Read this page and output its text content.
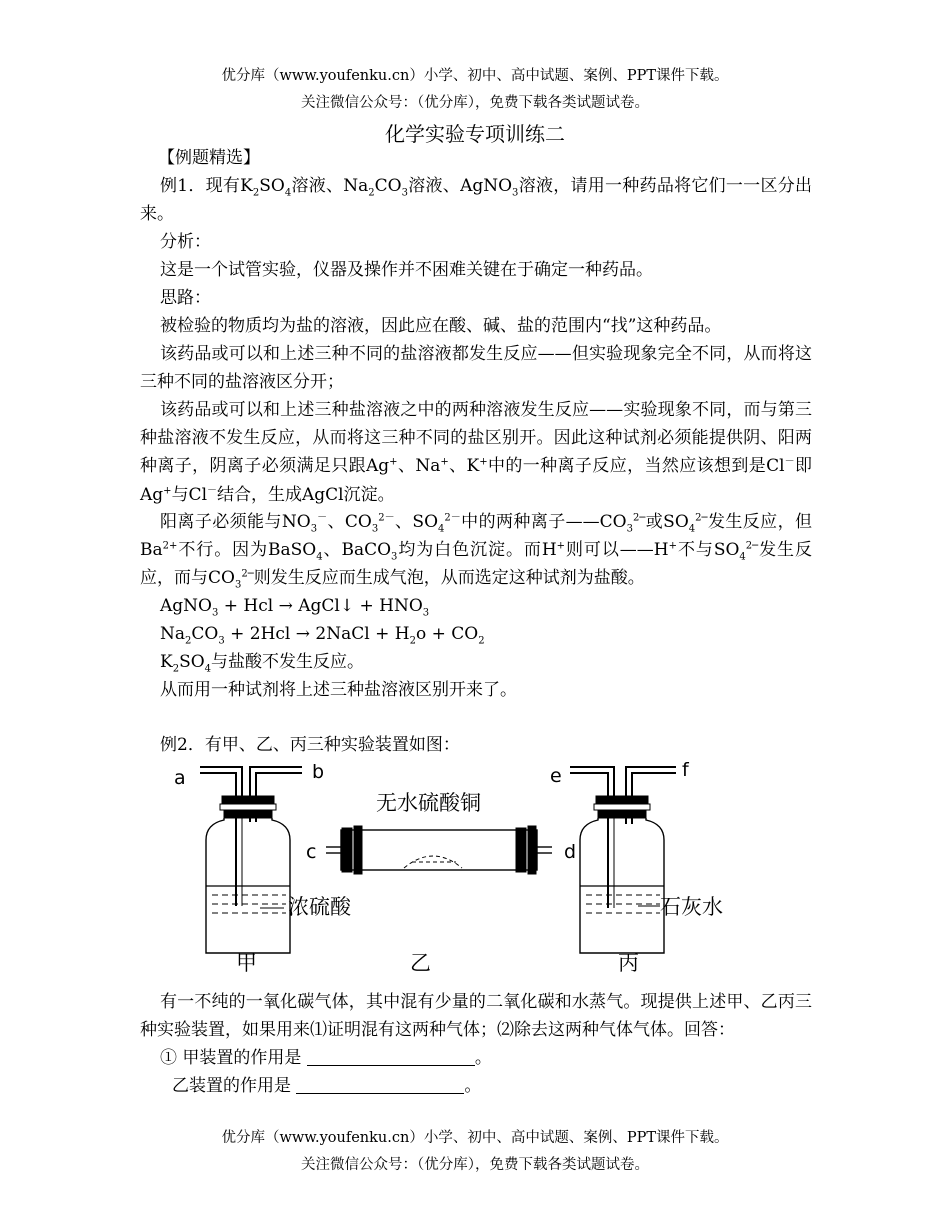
优分库（www.youfenku.cn）小学、初中、高中试题、案例、PPT课件下载。
关注微信公众号：（优分库），免费下载各类试题试卷。
化学实验专项训练二
【例题精选】

例1．现有$K_2SO_4$溶液、$Na_2CO_3$溶液、AgNO$_3$溶液，请用一种药品将它们一一区分出来。

分析：

这是一个试管实验，仪器及操作并不困难关键在于确定一种药品。

思路：

被检验的物质均为盐的溶液，因此应在酸、碱、盐的范围内“找”这种药品。

该药品或可以和上述三种不同的盐溶液都发生反应——但实验现象完全不同，从而将这三种不同的盐溶液区分开；

该药品或可以和上述三种盐溶液之中的两种溶液发生反应——实验现象不同，而与第三种盐溶液不发生反应，从而将这三种不同的盐区别开。因此这种试剂必须能提供阴、阳两种离子，阴离子必须满足只跟Ag+、Na+、K+中的一种离子反应，当然应该想到是Cl－即Ag+与Cl－结合，生成AgCl沉淀。

阳离子必须能与$NO_3^-$、$CO_3^{2-}$、$SO_4^{2-}$中的两种离子$——CO_3^{2─}$或$SO_4^{2─}$发生反应，但$Ba^{2+}$不行。因为BaSO$_4$、BaCO$_3$均为白色沉淀。而H+则可以——H+不与$SO_4^{2─}$发生反应，而与$CO_3^{2─}$则发生反应而生成气泡，从而选定这种试剂为盐酸。

AgNO$_3$ + Hcl → AgCl↓ + $HNO_3$

$Na_2CO_3 + 2Hcl$ → 2NaCl + $H_2o + CO_2$

$K_2SO_4$与盐酸不发生反应。

从而用一种试剂将上述三种盐溶液区别开来了。

例2．有甲、乙、丙三种实验装置如图：

a	b
c	d
e	f
无水硫酸铜
浓硫酸	石灰水
甲	乙	丙

有一不纯的一氧化碳气体，其中混有少量的二氧化碳和水蒸气。现提供上述甲、乙丙三种实验装置，如果用来⑴证明混有这两种气体；⑵除去这两种气体气体。回答：

① 甲装置的作用是	。
乙装置的作用是	。
优分库（www.youfenku.cn）小学、初中、高中试题、案例、PPT课件下载。
关注微信公众号：（优分库），免费下载各类试题试卷。
